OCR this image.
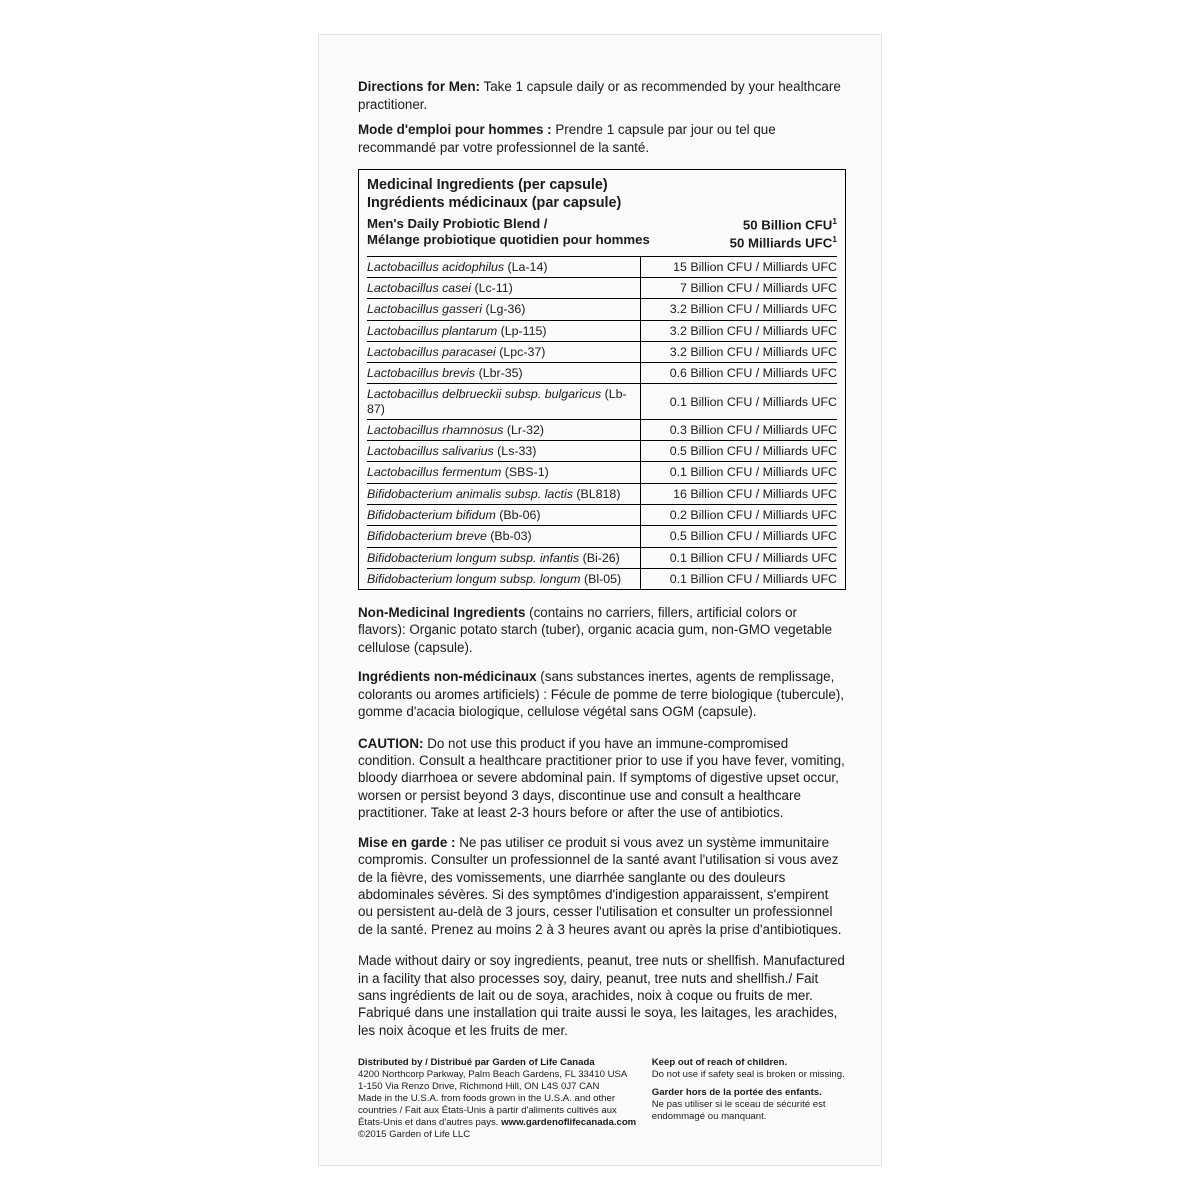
Directions for Men: Take 1 capsule daily or as recommended by your healthcare practitioner.

Mode d'emploi pour hommes : Prendre 1 capsule par jour ou tel que recommandé par votre professionnel de la santé.

Medicinal Ingredients (per capsule)
Ingrédients médicinaux (par capsule)
Men's Daily Probiotic Blend /
Mélange probiotique quotidien pour hommes
50 Billion CFU$^1$
50 Milliards UFC$^1$
Lactobacillus acidophilus (La-14)	15 Billion CFU / Milliards UFC
Lactobacillus casei (Lc-11)	7 Billion CFU / Milliards UFC
Lactobacillus gasseri (Lg-36)	3.2 Billion CFU / Milliards UFC
Lactobacillus plantarum (Lp-115)	3.2 Billion CFU / Milliards UFC
Lactobacillus paracasei (Lpc-37)	3.2 Billion CFU / Milliards UFC
Lactobacillus brevis (Lbr-35)	0.6 Billion CFU / Milliards UFC
Lactobacillus delbrueckii subsp. bulgaricus (Lb-87)	0.1 Billion CFU / Milliards UFC
Lactobacillus rhamnosus (Lr-32)	0.3 Billion CFU / Milliards UFC
Lactobacillus salivarius (Ls-33)	0.5 Billion CFU / Milliards UFC
Lactobacillus fermentum (SBS-1)	0.1 Billion CFU / Milliards UFC
Bifidobacterium animalis subsp. lactis (BL818)	16 Billion CFU / Milliards UFC
Bifidobacterium bifidum (Bb-06)	0.2 Billion CFU / Milliards UFC
Bifidobacterium breve (Bb-03)	0.5 Billion CFU / Milliards UFC
Bifidobacterium longum subsp. infantis (Bi-26)	0.1 Billion CFU / Milliards UFC
Bifidobacterium longum subsp. longum (Bl-05)	0.1 Billion CFU / Milliards UFC

Non-Medicinal Ingredients (contains no carriers, fillers, artificial colors or flavors): Organic potato starch (tuber), organic acacia gum, non-GMO vegetable cellulose (capsule).

Ingrédients non-médicinaux (sans substances inertes, agents de remplissage, colorants ou aromes artificiels) : Fécule de pomme de terre biologique (tubercule), gomme d'acacia biologique, cellulose végétal sans OGM (capsule).

CAUTION: Do not use this product if you have an immune-compromised condition. Consult a healthcare practitioner prior to use if you have fever, vomiting, bloody diarrhoea or severe abdominal pain. If symptoms of digestive upset occur, worsen or persist beyond 3 days, discontinue use and consult a healthcare practitioner. Take at least 2-3 hours before or after the use of antibiotics.

Mise en garde : Ne pas utiliser ce produit si vous avez un système immunitaire compromis. Consulter un professionnel de la santé avant l'utilisation si vous avez de la fièvre, des vomissements, une diarrhée sanglante ou des douleurs abdominales sévères. Si des symptômes d'indigestion apparaissent, s'empirent ou persistent au-delà de 3 jours, cesser l'utilisation et consulter un professionnel de la santé. Prenez au moins 2 à 3 heures avant ou après la prise d'antibiotiques.

Made without dairy or soy ingredients, peanut, tree nuts or shellfish. Manufactured in a facility that also processes soy, dairy, peanut, tree nuts and shellfish./ Fait sans ingrédients de lait ou de soya, arachides, noix à coque ou fruits de mer. Fabriqué dans une installation qui traite aussi le soya, les laitages, les arachides, les noix àcoque et les fruits de mer.

Distributed by / Distribué par Garden of Life Canada

4200 Northcorp Parkway, Palm Beach Gardens, FL 33410 USA

1-150 Via Renzo Drive, Richmond Hill, ON L4S 0J7 CAN

Made in the U.S.A. from foods grown in the U.S.A. and other countries / Fait aux États-Unis à partir d'aliments cultivés aux États-Unis et dans d'autres pays. www.gardenoflifecanada.com

©2015 Garden of Life LLC

Keep out of reach of children.

Do not use if safety seal is broken or missing.

Garder hors de la portée des enfants.

Ne pas utiliser si le sceau de sécurité est endommagé ou manquant.
